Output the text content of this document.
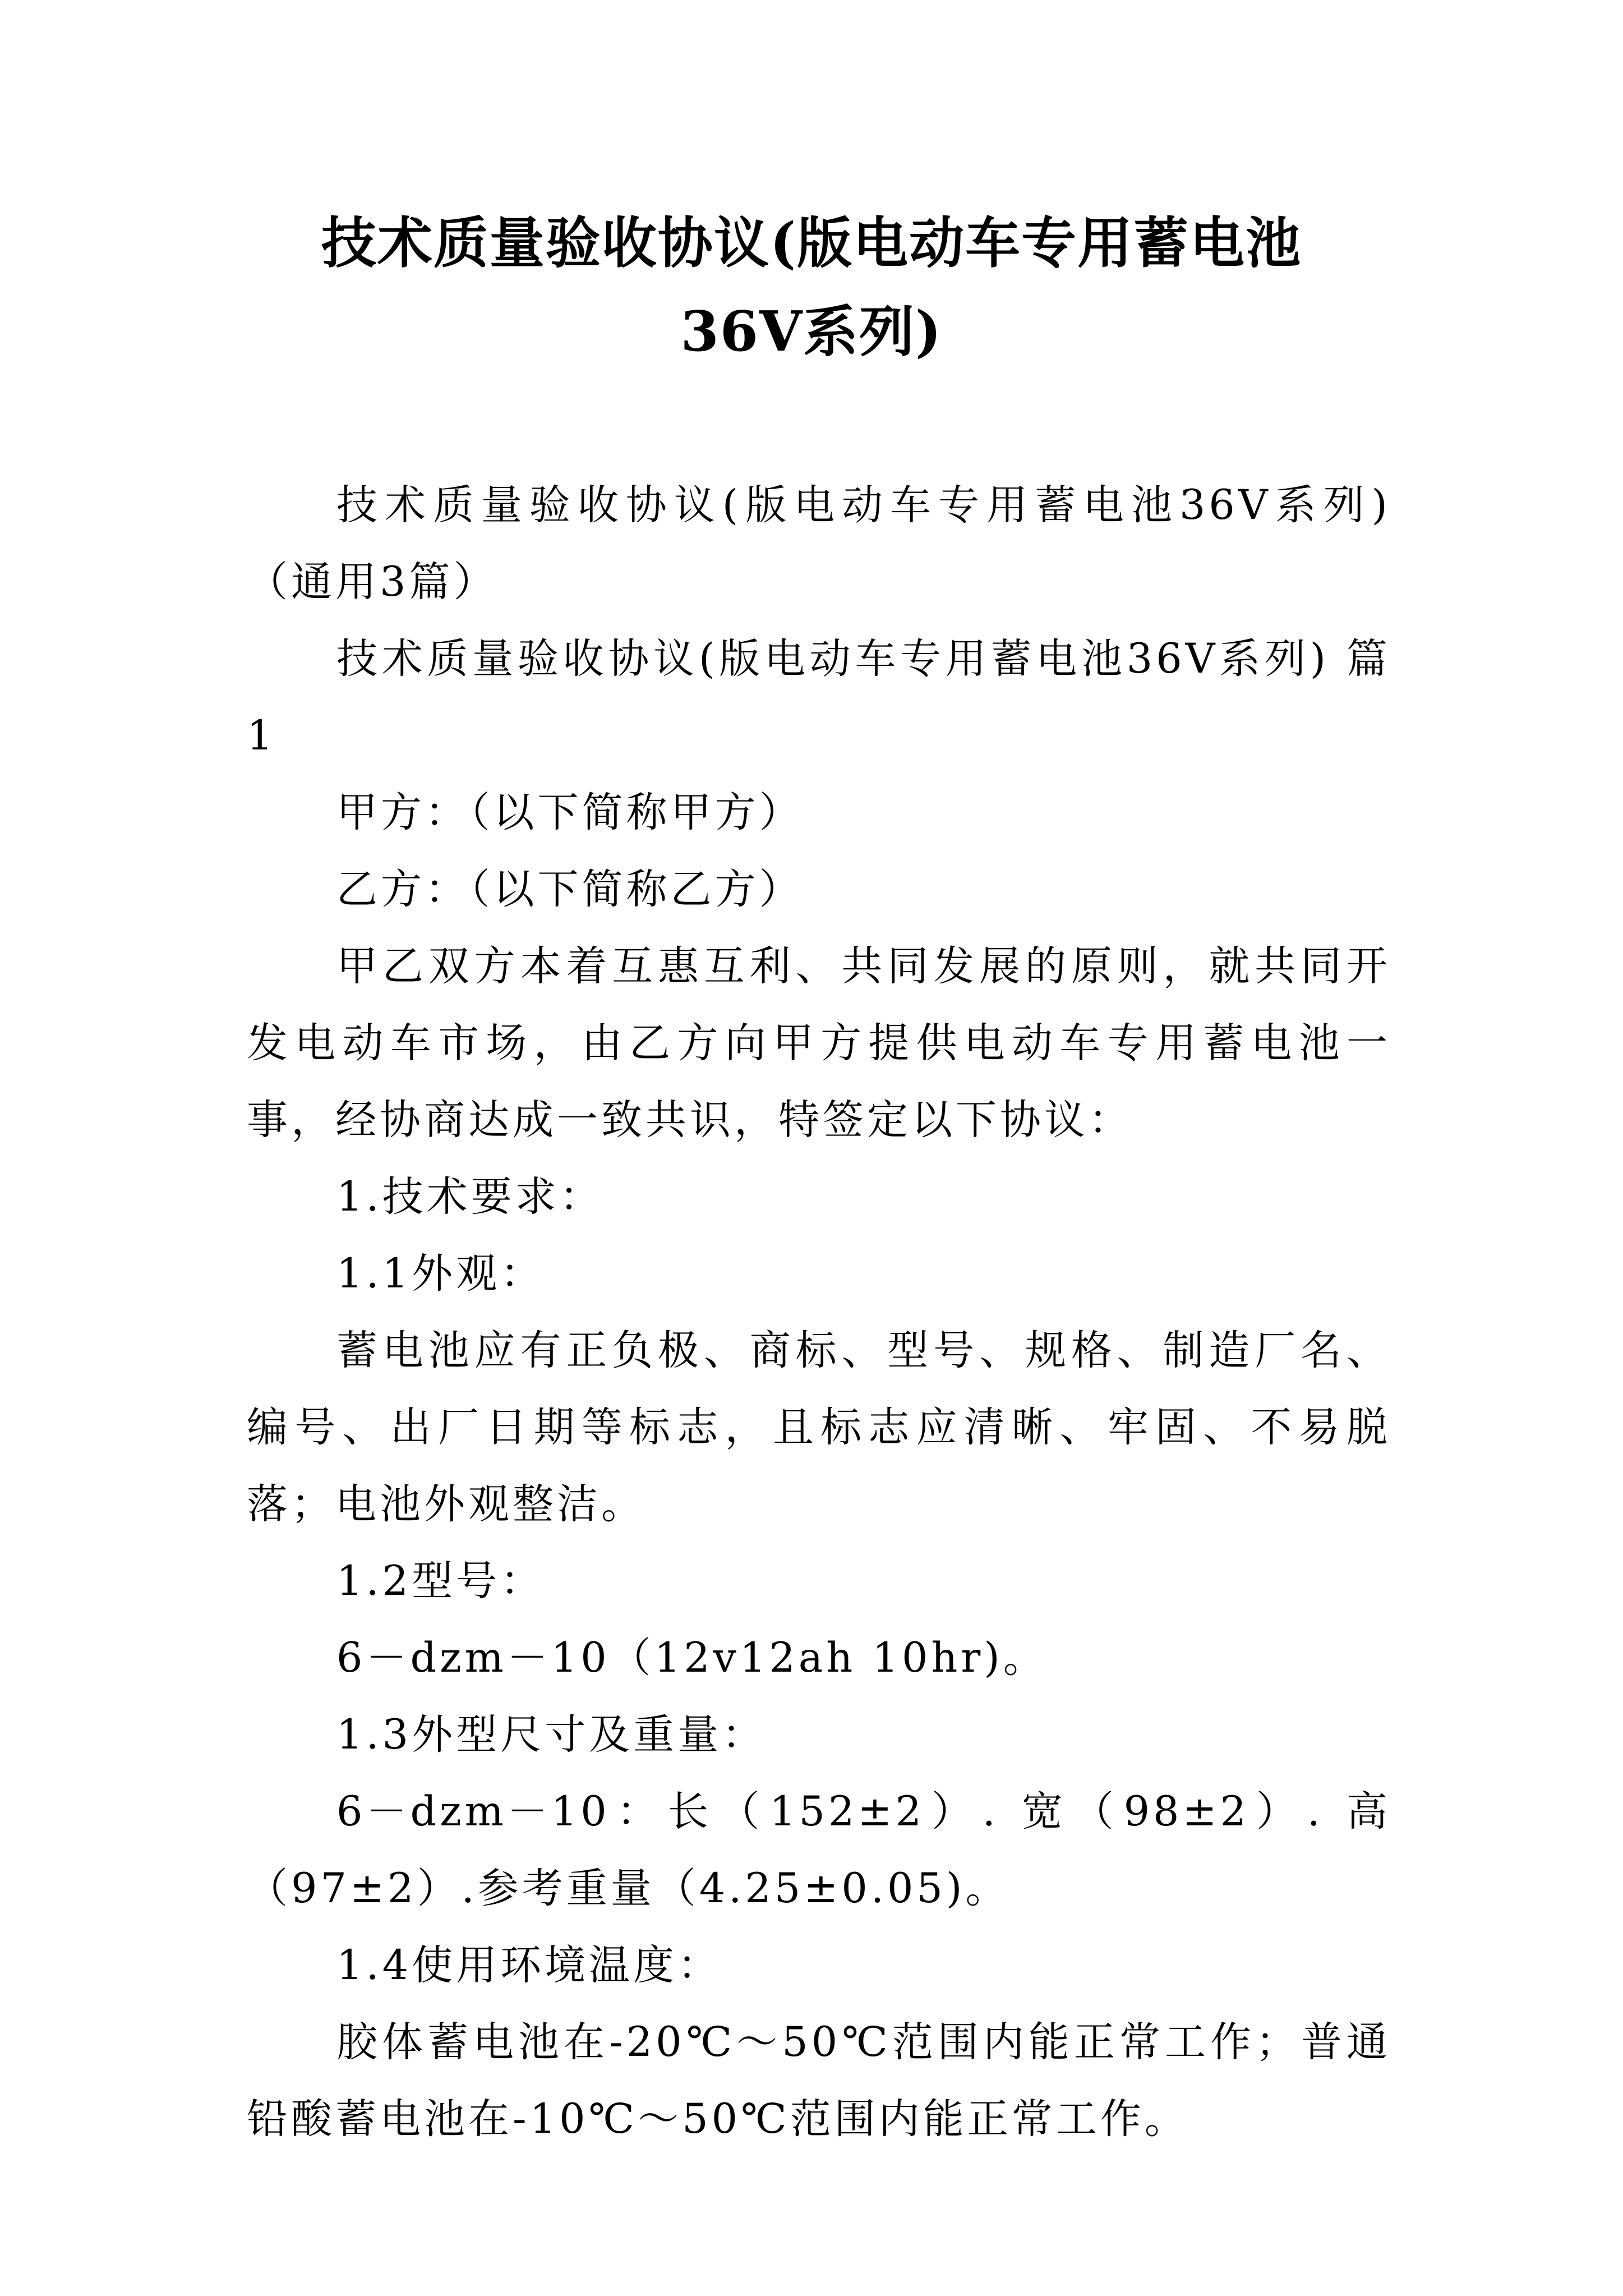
技术质量验收协议(版电动车专用蓄电池
36V系列)

技术质量验收协议(版电动车专用蓄电池36V系列)（通用3篇）

技术质量验收协议(版电动车专用蓄电池36V系列) 篇1

甲方：（以下简称甲方）

乙方：（以下简称乙方）

甲乙双方本着互惠互利、共同发展的原则，就共同开发电动车市场，由乙方向甲方提供电动车专用蓄电池一事，经协商达成一致共识，特签定以下协议：

1.技术要求：

1.1外观：

蓄电池应有正负极、商标、型号、规格、制造厂名、编号、出厂日期等标志，且标志应清晰、牢固、不易脱落；电池外观整洁。

1.2型号：

6－dzm－10（12v12ah 10hr)。

1.3外型尺寸及重量：

6－dzm－10：长（152±2）. 宽（98±2）. 高（97±2）.参考重量（4.25±0.05)。

1.4使用环境温度：

胶体蓄电池在-20℃～50℃范围内能正常工作；普通铅酸蓄电池在-10℃～50℃范围内能正常工作。
